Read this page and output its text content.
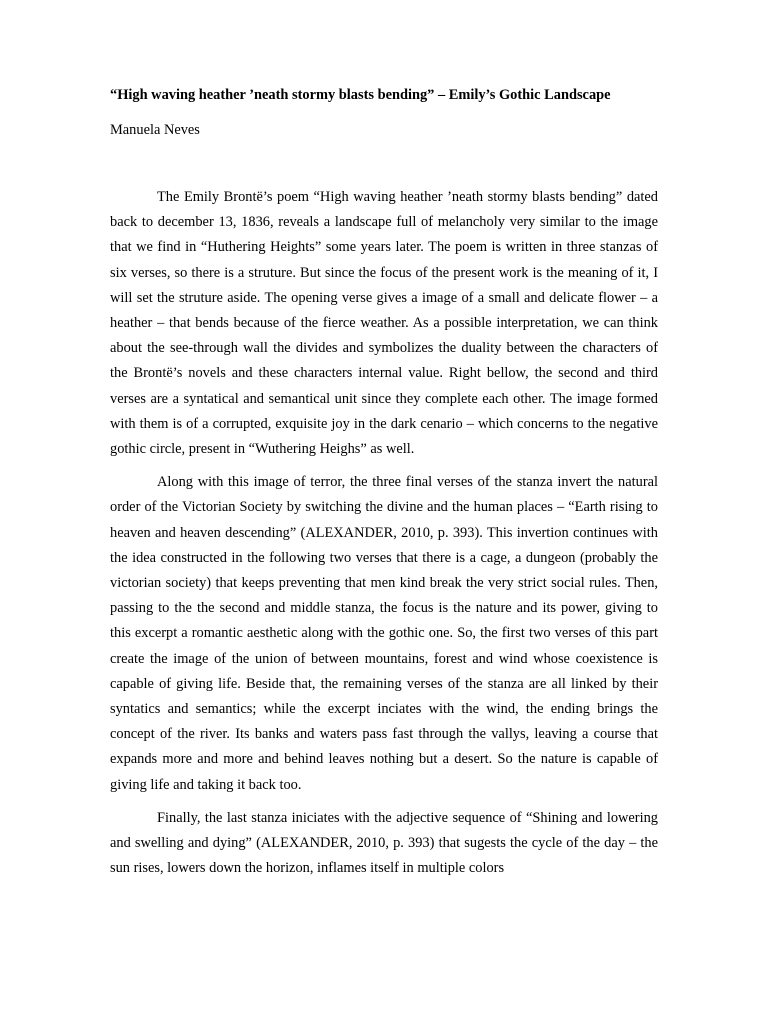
“High waving heather ’neath stormy blasts bending” – Emily’s Gothic Landscape
Manuela Neves

The Emily Brontë’s poem “High waving heather ’neath stormy blasts bending” dated back to december 13, 1836, reveals a landscape full of melancholy very similar to the image that we find in “Huthering Heights” some years later. The poem is written in three stanzas of six verses, so there is a struture. But since the focus of the present work is the meaning of it, I will set the struture aside. The opening verse gives a image of a small and delicate flower – a heather – that bends because of the fierce weather. As a possible interpretation, we can think about the see-through wall the divides and symbolizes the duality between the characters of the Brontë’s novels and these characters internal value. Right bellow, the second and third verses are a syntatical and semantical unit since they complete each other. The image formed with them is of a corrupted, exquisite joy in the dark cenario – which concerns to the negative gothic circle, present in “Wuthering Heighs” as well.

Along with this image of terror, the three final verses of the stanza invert the natural order of the Victorian Society by switching the divine and the human places – “Earth rising to heaven and heaven descending” (ALEXANDER, 2010, p. 393). This invertion continues with the idea constructed in the following two verses that there is a cage, a dungeon (probably the victorian society) that keeps preventing that men kind break the very strict social rules. Then, passing to the the second and middle stanza, the focus is the nature and its power, giving to this excerpt a romantic aesthetic along with the gothic one. So, the first two verses of this part create the image of the union of between mountains, forest and wind whose coexistence is capable of giving life. Beside that, the remaining verses of the stanza are all linked by their syntatics and semantics; while the excerpt inciates with the wind, the ending brings the concept of the river. Its banks and waters pass fast through the vallys, leaving a course that expands more and more and behind leaves nothing but a desert. So the nature is capable of giving life and taking it back too.

Finally, the last stanza iniciates with the adjective sequence of “Shining and lowering and swelling and dying” (ALEXANDER, 2010, p. 393) that sugests the cycle of the day – the sun rises, lowers down the horizon, inflames itself in multiple colors
